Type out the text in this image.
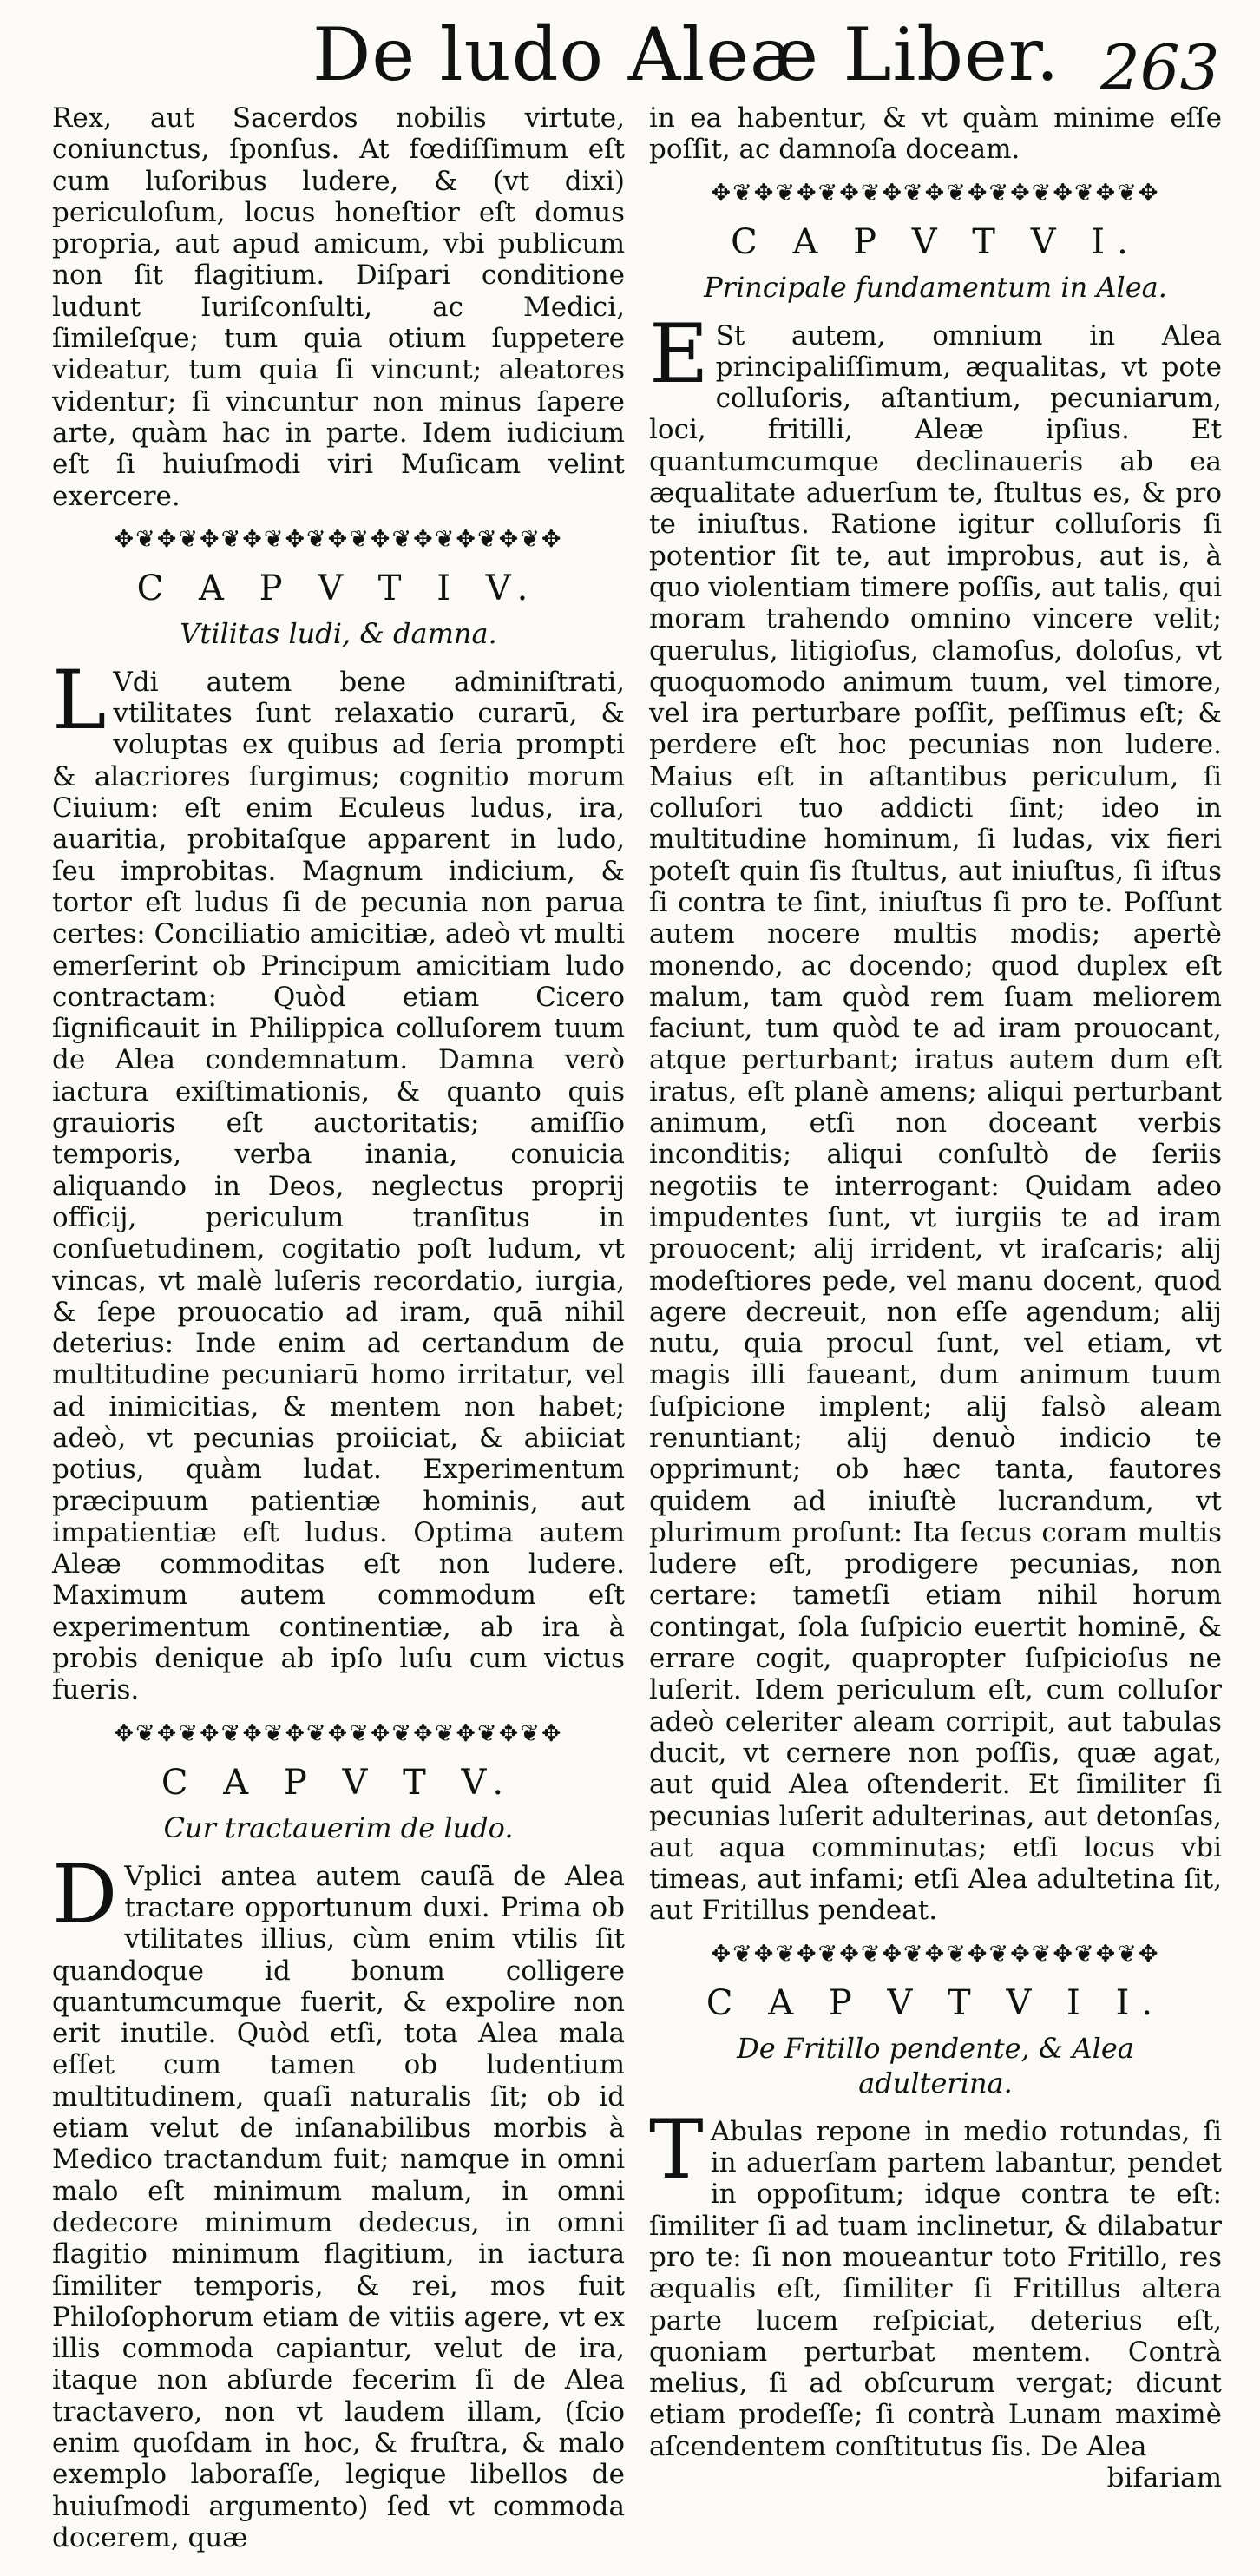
De ludo Aleæ Liber. 263

Rex, aut Sacerdos nobilis virtute, coniunctus, ſponſus. At fœdiſſimum eſt cum luſoribus ludere, & (vt dixi) periculoſum, locus honeſtior eſt domus propria, aut apud amicum, vbi publicum non ſit flagitium. Diſpari conditione ludunt Iuriſconſulti, ac Medici, ſimileſque; tum quia otium ſuppetere videatur, tum quia ſi vincunt; aleatores videntur; ſi vincuntur non minus ſapere arte, quàm hac in parte. Idem iudicium eſt ſi huiuſmodi viri Muſicam velint exercere.

✥❦✥❦✥❦✥❦✥❦✥❦✥❦✥❦✥❦✥❦✥
C A P V T I V.
Vtilitas ludi, & damna.

L Vdi autem bene adminiſtrati, vtilitates ſunt relaxatio curarū, & voluptas ex quibus ad ſeria prompti & alacriores ſurgimus; cognitio morum Ciuium: eſt enim Eculeus ludus, ira, auaritia, probitaſque apparent in ludo, ſeu improbitas. Magnum indicium, & tortor eſt ludus ſi de pecunia non parua certes: Conciliatio amicitiæ, adeò vt multi emerſerint ob Principum amicitiam ludo contractam: Quòd etiam Cicero ſignificauit in Philippica colluſorem tuum de Alea condemnatum. Damna verò iactura exiſtimationis, & quanto quis grauioris eſt auctoritatis; amiſſio temporis, verba inania, conuicia aliquando in Deos, neglectus proprij officij, periculum tranſitus in conſuetudinem, cogitatio poſt ludum, vt vincas, vt malè luſeris recordatio, iurgia, & ſepe prouocatio ad iram, quā nihil deterius: Inde enim ad certandum de multitudine pecuniarū homo irritatur, vel ad inimicitias, & mentem non habet; adeò, vt pecunias proiiciat, & abiiciat potius, quàm ludat. Experimentum præcipuum patientiæ hominis, aut impatientiæ eſt ludus. Optima autem Aleæ commoditas eſt non ludere. Maximum autem commodum eſt experimentum continentiæ, ab ira à probis denique ab ipſo luſu cum victus fueris.

✥❦✥❦✥❦✥❦✥❦✥❦✥❦✥❦✥❦✥❦✥
C A P V T V.
Cur tractauerim de ludo.

D Vplici antea autem cauſā de Alea tractare opportunum duxi. Prima ob vtilitates illius, cùm enim vtilis ſit quandoque id bonum colligere quantumcumque fuerit, & expolire non erit inutile. Quòd etſi, tota Alea mala eſſet cum tamen ob ludentium multitudinem, quaſi naturalis ſit; ob id etiam velut de inſanabilibus morbis à Medico tractandum fuit; namque in omni malo eſt minimum malum, in omni dedecore minimum dedecus, in omni flagitio minimum flagitium, in iactura ſimiliter temporis, & rei, mos fuit Philoſophorum etiam de vitiis agere, vt ex illis commoda capiantur, velut de ira, itaque non abſurde fecerim ſi de Alea tractavero, non vt laudem illam, (ſcio enim quoſdam in hoc, & fruſtra, & malo exemplo laboraſſe, legique libellos de huiuſmodi argumento) ſed vt commoda docerem, quæ

in ea habentur, & vt quàm minime eſſe poſſit, ac damnoſa doceam.

✥❦✥❦✥❦✥❦✥❦✥❦✥❦✥❦✥❦✥❦✥
C A P V T V I.
Principale fundamentum in Alea.

E St autem, omnium in Alea principaliſſimum, æqualitas, vt pote colluſoris, aſtantium, pecuniarum, loci, fritilli, Aleæ ipſius. Et quantumcumque declinaueris ab ea æqualitate aduerſum te, ſtultus es, & pro te iniuſtus. Ratione igitur colluſoris ſi potentior ſit te, aut improbus, aut is, à quo violentiam timere poſſis, aut talis, qui moram trahendo omnino vincere velit; querulus, litigioſus, clamoſus, doloſus, vt quoquomodo animum tuum, vel timore, vel ira perturbare poſſit, peſſimus eſt; & perdere eſt hoc pecunias non ludere. Maius eſt in aſtantibus periculum, ſi colluſori tuo addicti ſint; ideo in multitudine hominum, ſi ludas, vix fieri poteſt quin ſis ſtultus, aut iniuſtus, ſi iſtus ſi contra te ſint, iniuſtus ſi pro te. Poſſunt autem nocere multis modis; apertè monendo, ac docendo; quod duplex eſt malum, tam quòd rem ſuam meliorem faciunt, tum quòd te ad iram prouocant, atque perturbant; iratus autem dum eſt iratus, eſt planè amens; aliqui perturbant animum, etſi non doceant verbis inconditis; aliqui conſultò de ſeriis negotiis te interrogant: Quidam adeo impudentes ſunt, vt iurgiis te ad iram prouocent; alij irrident, vt iraſcaris; alij modeſtiores pede, vel manu docent, quod agere decreuit, non eſſe agendum; alij nutu, quia procul ſunt, vel etiam, vt magis illi faueant, dum animum tuum ſuſpicione implent; alij falsò aleam renuntiant; alij denuò indicio te opprimunt; ob hæc tanta, fautores quidem ad iniuſtè lucrandum, vt plurimum proſunt: Ita ſecus coram multis ludere eſt, prodigere pecunias, non certare: tametſi etiam nihil horum contingat, ſola ſuſpicio euertit hominē, & errare cogit, quapropter ſuſpicioſus ne luſerit. Idem periculum eſt, cum colluſor adeò celeriter aleam corripit, aut tabulas ducit, vt cernere non poſſis, quæ agat, aut quid Alea oſtenderit. Et ſimiliter ſi pecunias luſerit adulterinas, aut detonſas, aut aqua comminutas; etſi locus vbi timeas, aut infami; etſi Alea adultetina ſit, aut Fritillus pendeat.

✥❦✥❦✥❦✥❦✥❦✥❦✥❦✥❦✥❦✥❦✥
C A P V T V I I.
De Fritillo pendente, & Alea
adulterina.

T Abulas repone in medio rotundas, ſi in aduerſam partem labantur, pendet in oppoſitum; idque contra te eſt: ſimiliter ſi ad tuam inclinetur, & dilabatur pro te: ſi non moueantur toto Fritillo, res æqualis eſt, ſimiliter ſi Fritillus altera parte lucem reſpiciat, deterius eſt, quoniam perturbat mentem. Contrà melius, ſi ad obſcurum vergat; dicunt etiam prodeſſe; ſi contrà Lunam maximè aſcendentem conſtitutus ſis. De Alea

bifariam
